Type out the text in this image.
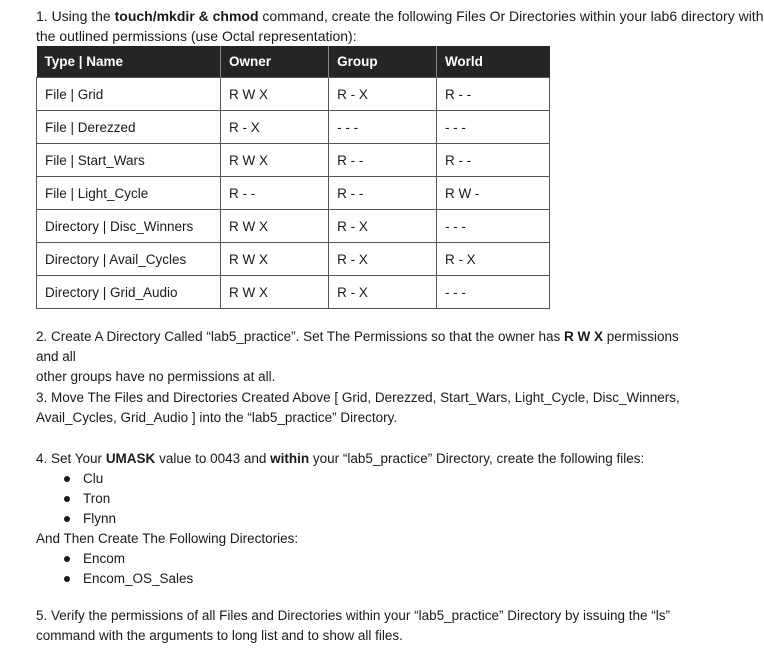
1. Using the touch/mkdir & chmod command, create the following Files Or Directories within your lab6 directory with
the outlined permissions (use Octal representation):
Type | Name	Owner	Group	World
File | Grid	R W X	R - X	R - -
File | Derezzed	R - X	- - -	- - -
File | Start_Wars	R W X	R - -	R - -
File | Light_Cycle	R - -	R - -	R W -
Directory | Disc_Winners	R W X	R - X	- - -
Directory | Avail_Cycles	R W X	R - X	R - X
Directory | Grid_Audio	R W X	R - X	- - -
2. Create A Directory Called “lab5_practice”. Set The Permissions so that the owner has R W X permissions and all
other groups have no permissions at all.
3. Move The Files and Directories Created Above [ Grid, Derezzed, Start_Wars, Light_Cycle, Disc_Winners,
Avail_Cycles, Grid_Audio ] into the “lab5_practice” Directory.
4. Set Your UMASK value to 0043 and within your “lab5_practice” Directory, create the following files:
Clu
Tron
Flynn
And Then Create The Following Directories:
Encom
Encom_OS_Sales
5. Verify the permissions of all Files and Directories within your “lab5_practice” Directory by issuing the “ls”
command with the arguments to long list and to show all files.
